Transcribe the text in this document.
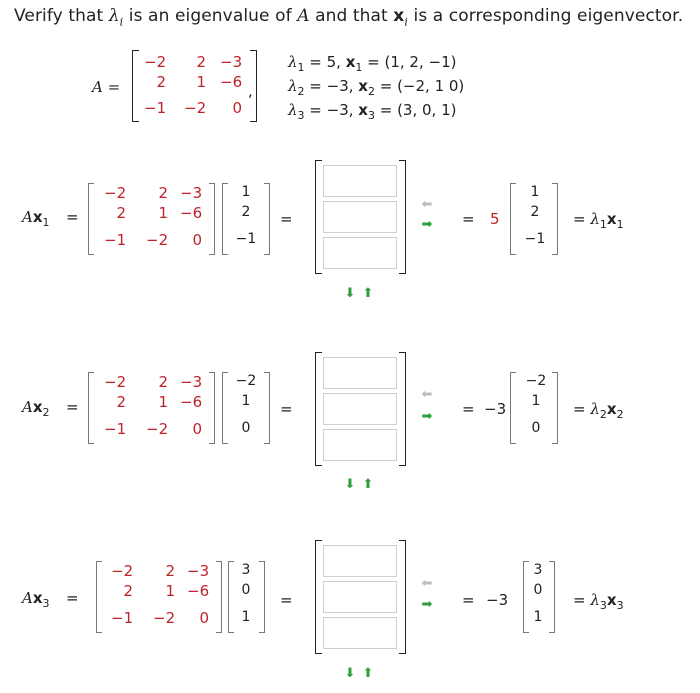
Verify that $\lambda_i$ is an eigenvalue of A and that $x_i$ is a corresponding eigenvector.
A =	,
−2	2 −3
2	1 −6
−1 −2	0
$\lambda_1 = 5$, $x_1 = (1$, 2, −1)
$\lambda_2 = -3$, $x_2 = (-2$, 1 0)
$\lambda_3 = -3$, $x_3 = (3$, 0, 1)
$Ax_1$ =
−2	2 −3
2	1 −6
−1 −2	0
1
2
−1
=
⬅
➡ = 5
1
2
−1
= $\lambda_1x_1$
⬇ ⬆
$Ax_2$ =
−2	2 −3
2	1 −6
−1 −2	0
−2
1
0
=
⬅
➡ = −3
−2
1
0
= $\lambda_2x_2$
⬇ ⬆
$Ax_3$ =
−2	2 −3
2	1 −6
−1 −2	0
3
0
1
=
⬅
➡ = −3
3
0
1
= $\lambda_3x_3$
⬇ ⬆
